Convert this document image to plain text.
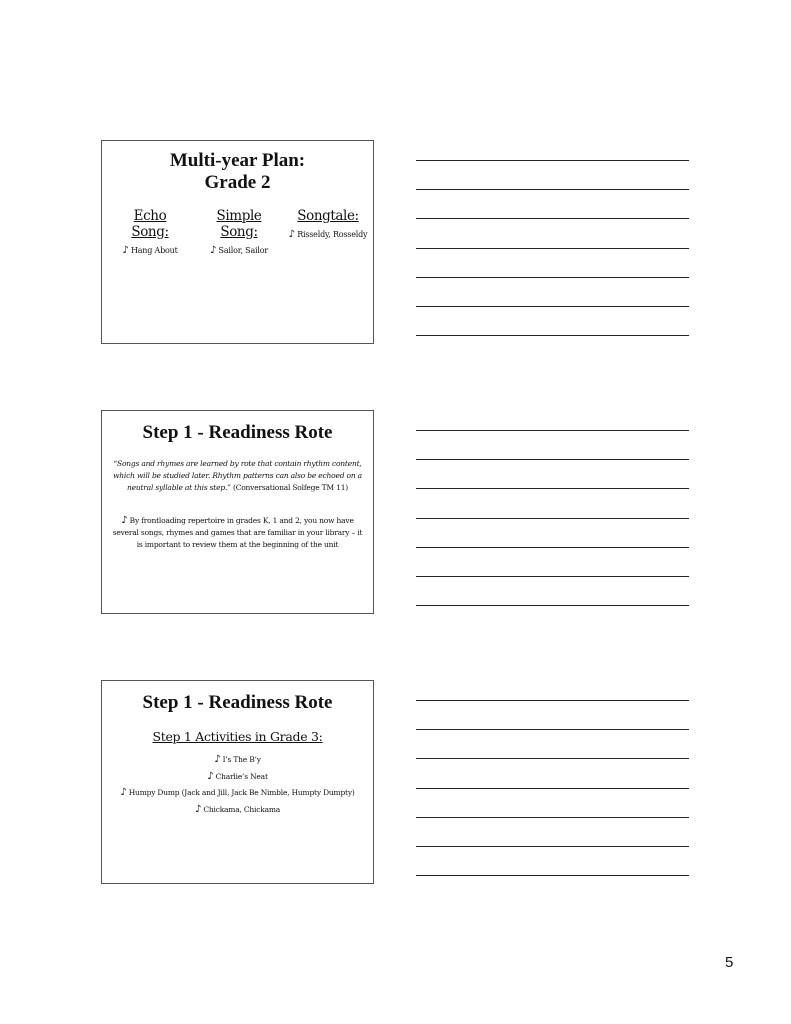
Multi-year Plan:
Grade 2
Echo Song:
♪ Hang About
Simple Song:
♪ Sailor, Sailor
Songtale:
♪ Risseldy, Rosseldy
Step 1 - Readiness Rote
“Songs and rhymes are learned by rote that contain rhythm content, which will be studied later. Rhythm patterns can also be echoed on a neutral syllable at this step.” (Conversational Solfege TM 11)
♪ By frontloading repertoire in grades K, 1 and 2, you now have several songs, rhymes and games that are familiar in your library – it is important to review them at the beginning of the unit
Step 1 - Readiness Rote
Step 1 Activities in Grade 3:
♪ I’s The B’y
♪ Charlie’s Neat
♪ Humpy Dump (Jack and Jill, Jack Be Nimble, Humpty Dumpty)
♪ Chickama, Chickama
5
